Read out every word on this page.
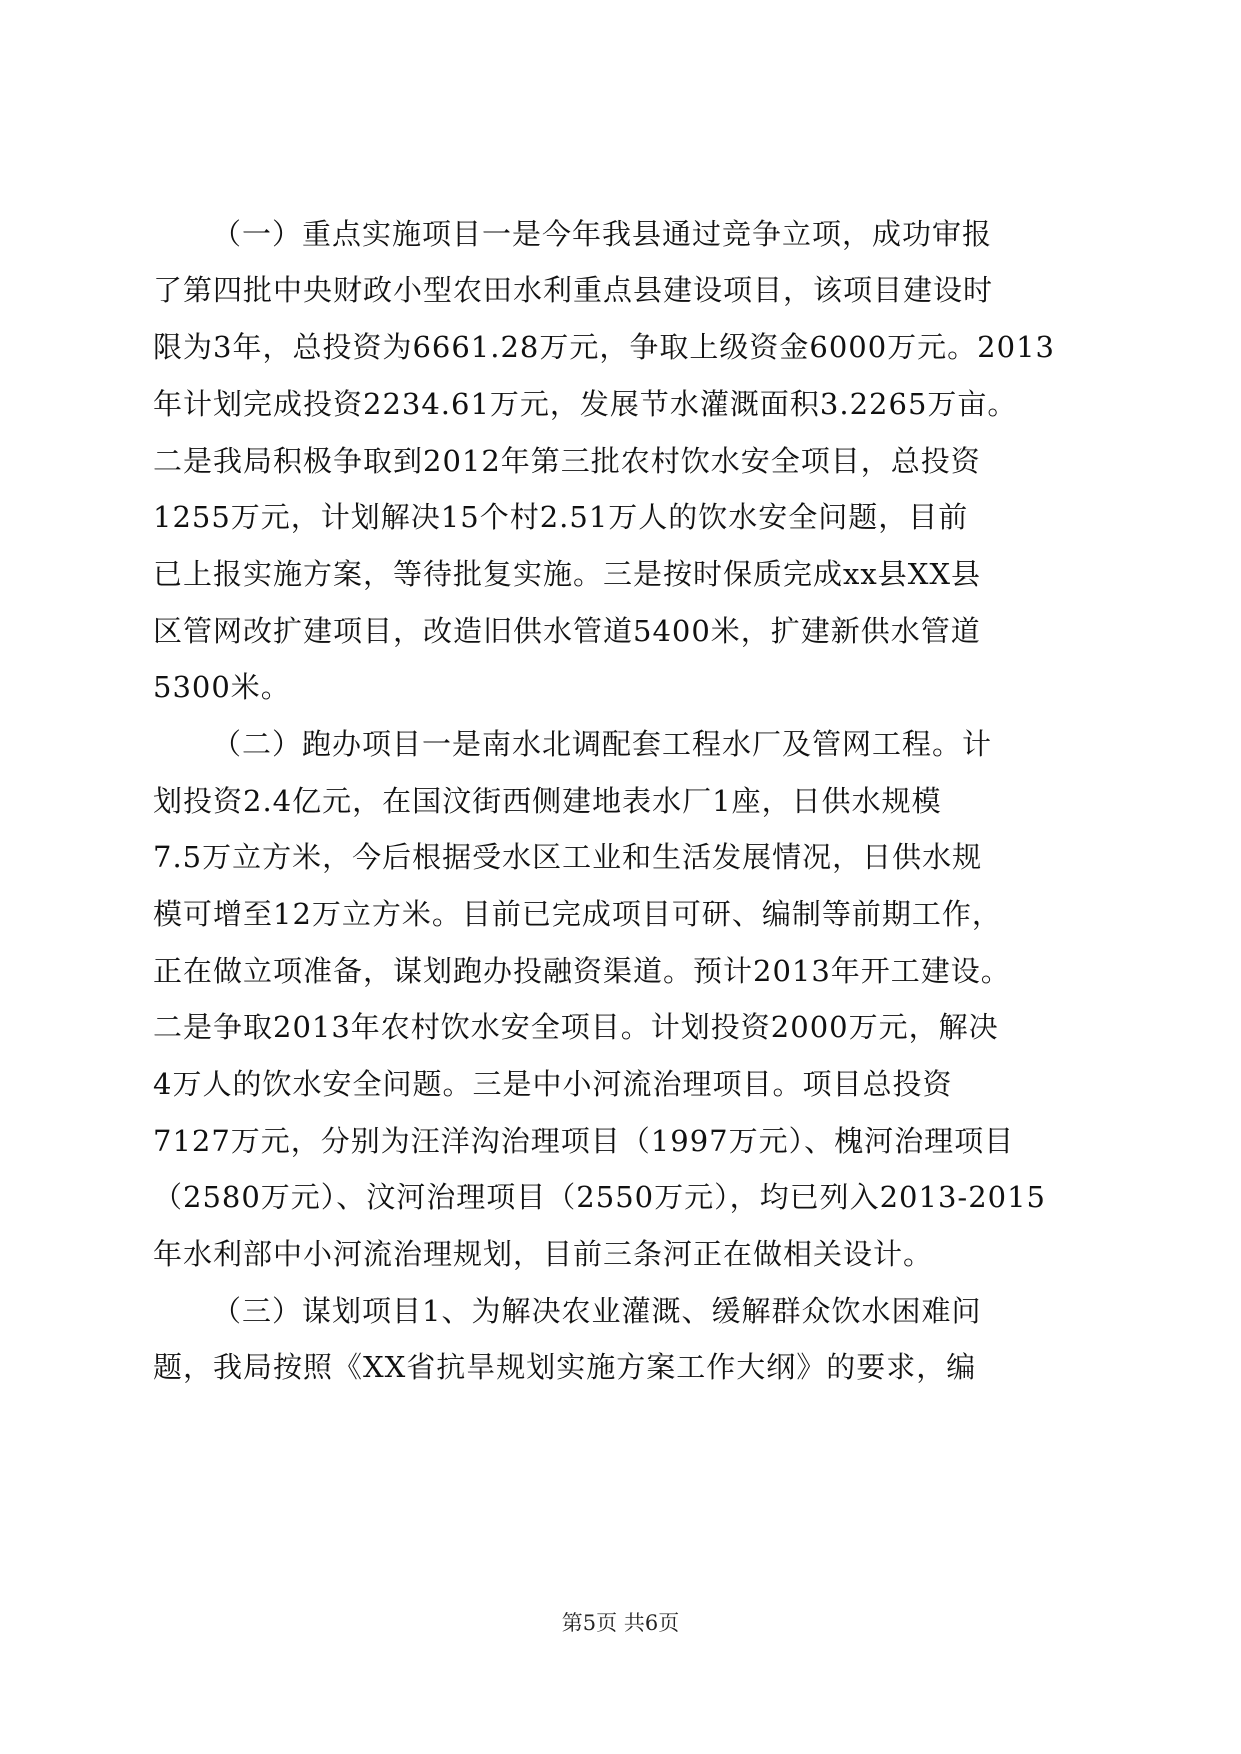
（一）重点实施项目一是今年我县通过竞争立项，成功审报
了第四批中央财政小型农田水利重点县建设项目，该项目建设时
限为3年，总投资为6661.28万元，争取上级资金6000万元。2013
年计划完成投资2234.61万元，发展节水灌溉面积3.2265万亩。
二是我局积极争取到2012年第三批农村饮水安全项目，总投资
1255万元，计划解决15个村2.51万人的饮水安全问题，目前
已上报实施方案，等待批复实施。三是按时保质完成xx县XX县
区管网改扩建项目，改造旧供水管道5400米，扩建新供水管道
5300米。
（二）跑办项目一是南水北调配套工程水厂及管网工程。计
划投资2.4亿元，在国汶街西侧建地表水厂1座，日供水规模
7.5万立方米，今后根据受水区工业和生活发展情况，日供水规
模可增至12万立方米。目前已完成项目可研、编制等前期工作，
正在做立项准备，谋划跑办投融资渠道。预计2013年开工建设。
二是争取2013年农村饮水安全项目。计划投资2000万元，解决
4万人的饮水安全问题。三是中小河流治理项目。项目总投资
7127万元，分别为汪洋沟治理项目（1997万元）、槐河治理项目
（2580万元）、汶河治理项目（2550万元），均已列入2013-2015
年水利部中小河流治理规划，目前三条河正在做相关设计。
（三）谋划项目1、为解决农业灌溉、缓解群众饮水困难问
题，我局按照《XX省抗旱规划实施方案工作大纲》的要求，编
第5页 共6页
